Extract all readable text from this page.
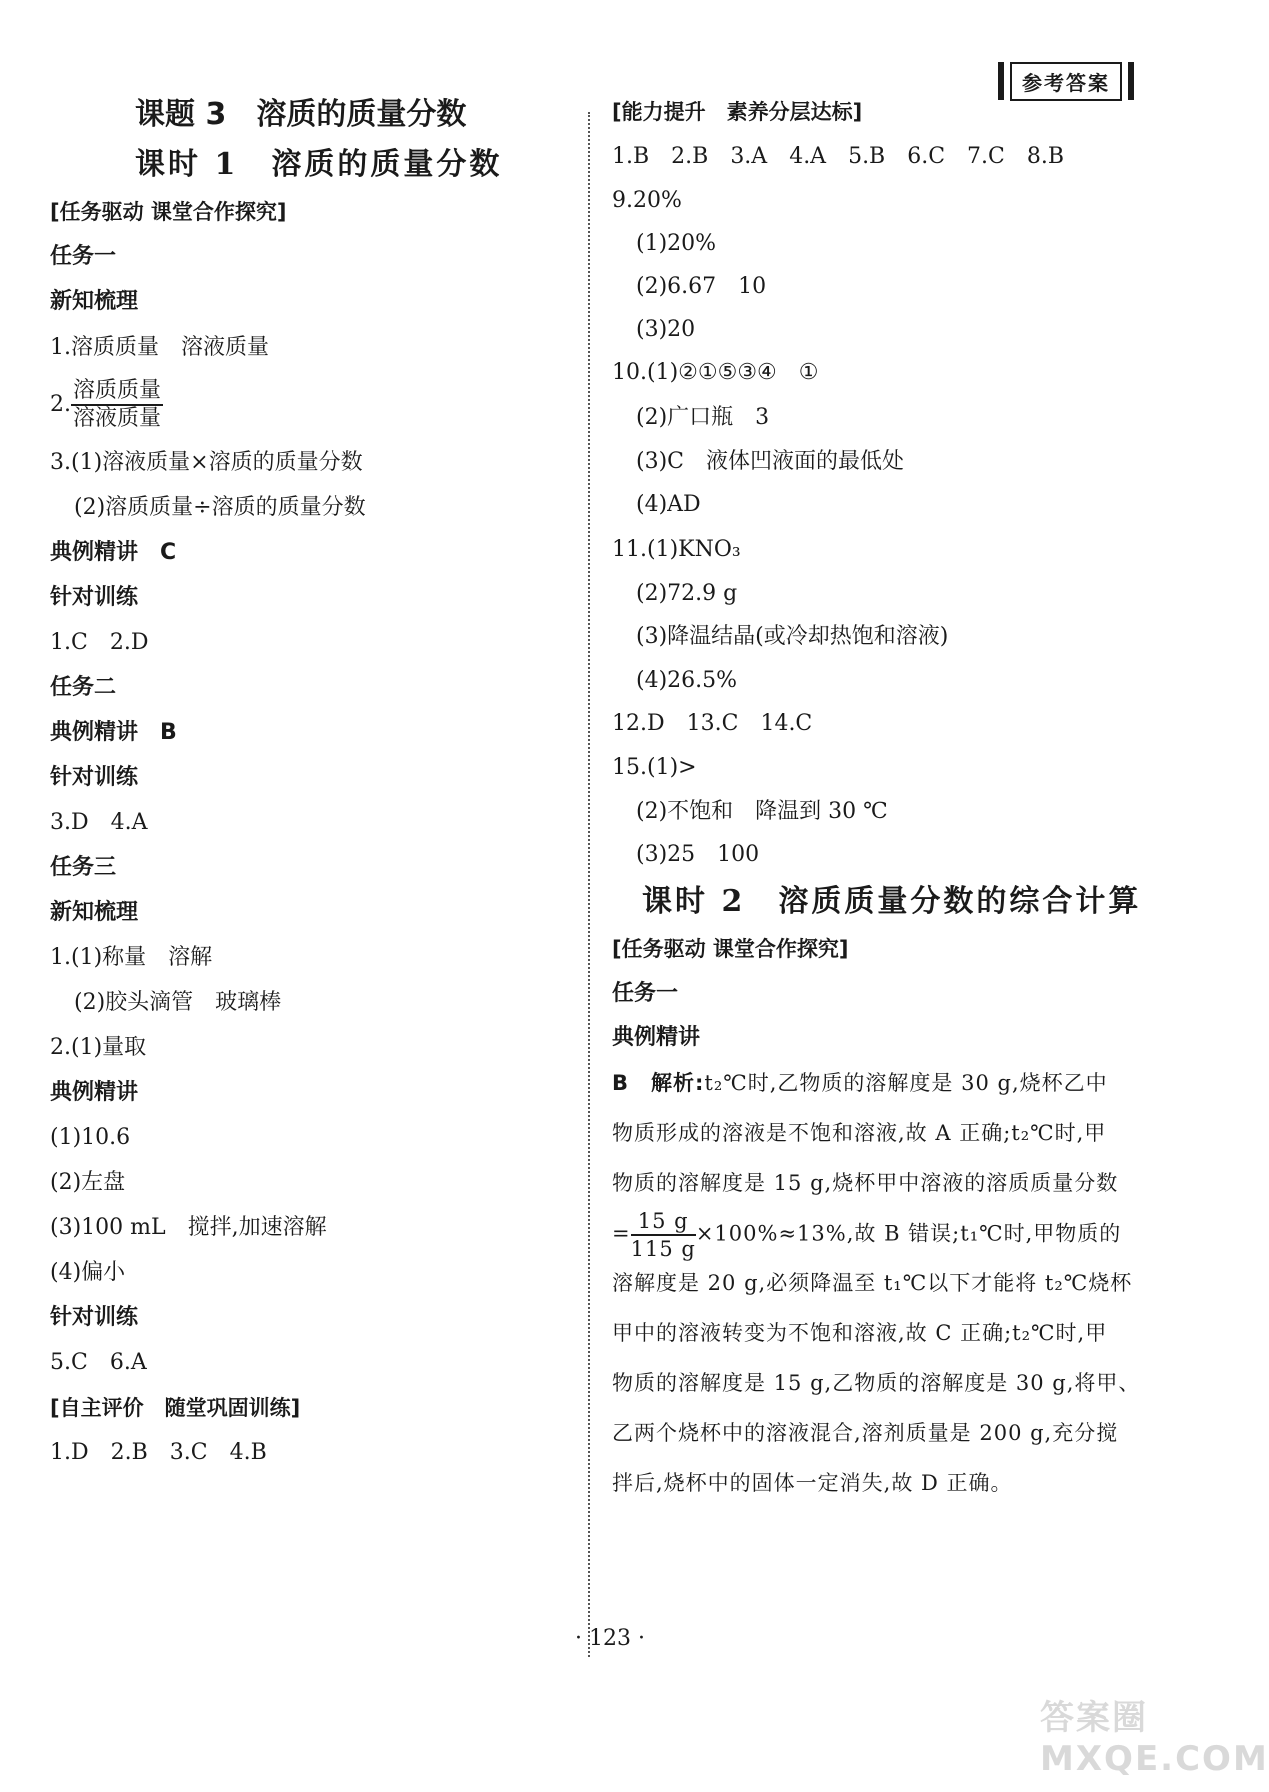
参考答案
课题 3　溶质的质量分数
课时 1　溶质的质量分数
[任务驱动 课堂合作探究]
任务一
新知梳理
1.溶质质量　溶液质量
2. $\frac{\text{溶质质量}}{\text{溶液质量}}$
3.(1)溶液质量×溶质的质量分数
(2)溶质质量÷溶质的质量分数
典例精讲　C
针对训练
1.C　2.D
任务二
典例精讲　B
针对训练
3.D　4.A
任务三
新知梳理
1.(1)称量　溶解
(2)胶头滴管　玻璃棒
2.(1)量取
典例精讲
(1)10.6
(2)左盘
(3)100 mL　搅拌,加速溶解
(4)偏小
针对训练
5.C　6.A
[自主评价　随堂巩固训练]
1.D　2.B　3.C　4.B
[能力提升　素养分层达标]
1.B　2.B　3.A　4.A　5.B　6.C　7.C　8.B
9.20%
(1)20%
(2)6.67　10
(3)20
10.(1)②①⑤③④　①
(2)广口瓶　3
(3)C　液体凹液面的最低处
(4)AD
11.(1)KNO₃
(2)72.9 g
(3)降温结晶(或冷却热饱和溶液)
(4)26.5%
12.D　13.C　14.C
15.(1)>
(2)不饱和　降温到 30 ℃
(3)25　100
课时 2　溶质质量分数的综合计算
[任务驱动 课堂合作探究]
任务一
典例精讲
B　解析:t₂℃时,乙物质的溶解度是 30 g,烧杯乙中
物质形成的溶液是不饱和溶液,故 A 正确;t₂℃时,甲
物质的溶解度是 15 g,烧杯甲中溶液的溶质质量分数
= $\frac{15 g}{115 g} \times 100\%\approx 13\%$,故 B 错误;t₁℃时,甲物质的
溶解度是 20 g,必须降温至 t₁℃以下才能将 t₂℃烧杯
甲中的溶液转变为不饱和溶液,故 C 正确;t₂℃时,甲
物质的溶解度是 15 g,乙物质的溶解度是 30 g,将甲、
乙两个烧杯中的溶液混合,溶剂质量是 200 g,充分搅
拌后,烧杯中的固体一定消失,故 D 正确。
· 123 ·
答案圈 MXQE.COM
